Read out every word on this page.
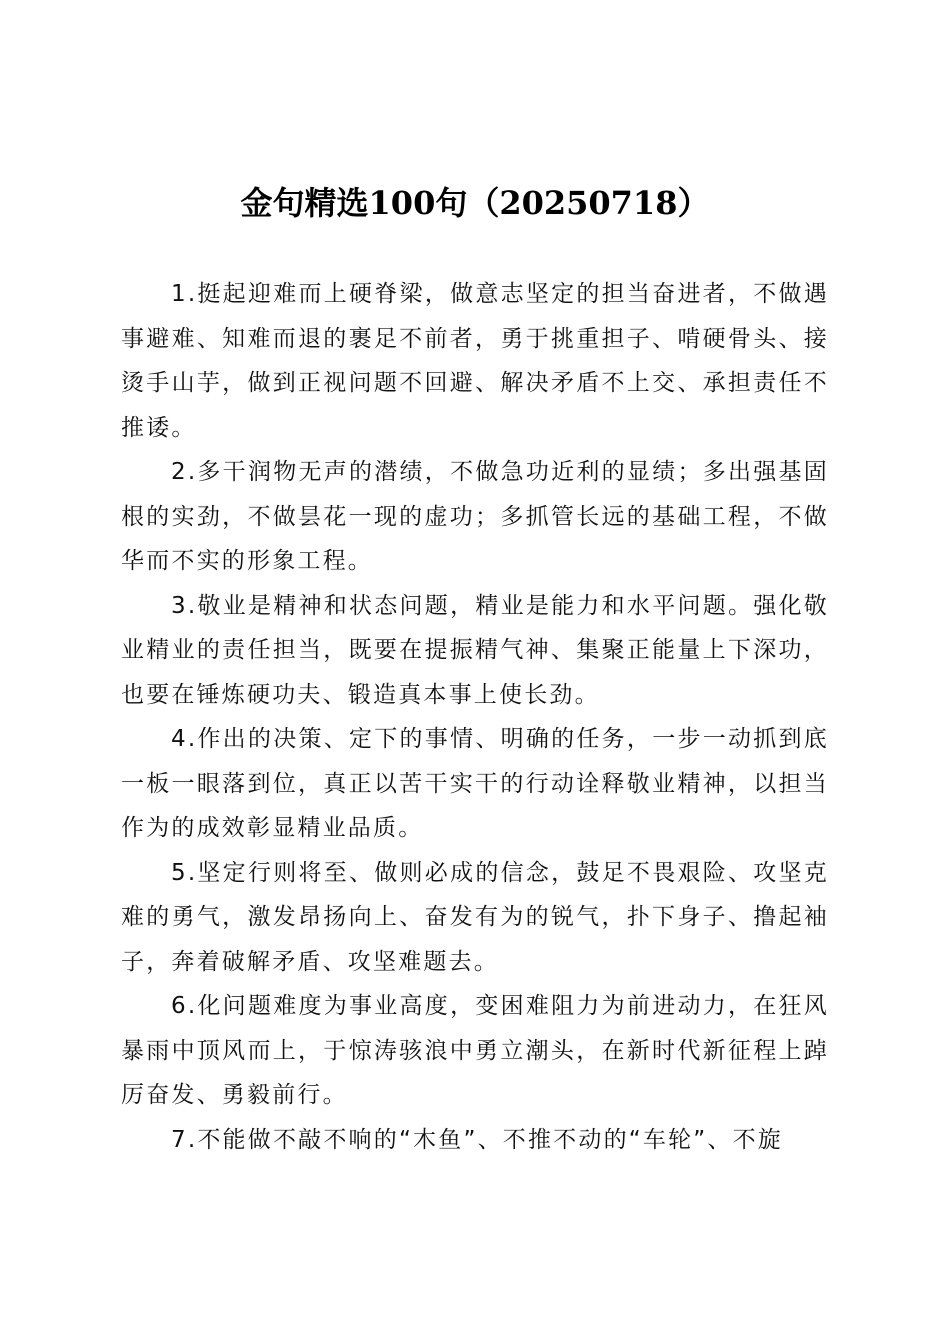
金句精选100句（20250718）

1.挺起迎难而上硬脊梁，做意志坚定的担当奋进者，不做遇事避难、知难而退的裹足不前者，勇于挑重担子、啃硬骨头、接烫手山芋，做到正视问题不回避、解决矛盾不上交、承担责任不推诿。

2.多干润物无声的潜绩，不做急功近利的显绩；多出强基固根的实劲，不做昙花一现的虚功；多抓管长远的基础工程，不做华而不实的形象工程。

3.敬业是精神和状态问题，精业是能力和水平问题。强化敬业精业的责任担当，既要在提振精气神、集聚正能量上下深功，也要在锤炼硬功夫、锻造真本事上使长劲。

4.作出的决策、定下的事情、明确的任务，一步一动抓到底一板一眼落到位，真正以苦干实干的行动诠释敬业精神，以担当作为的成效彰显精业品质。

5.坚定行则将至、做则必成的信念，鼓足不畏艰险、攻坚克难的勇气，激发昂扬向上、奋发有为的锐气，扑下身子、撸起袖子，奔着破解矛盾、攻坚难题去。

6.化问题难度为事业高度，变困难阻力为前进动力，在狂风暴雨中顶风而上，于惊涛骇浪中勇立潮头，在新时代新征程上踔厉奋发、勇毅前行。

7.不能做不敲不响的“木鱼”、不推不动的“车轮”、不旋
